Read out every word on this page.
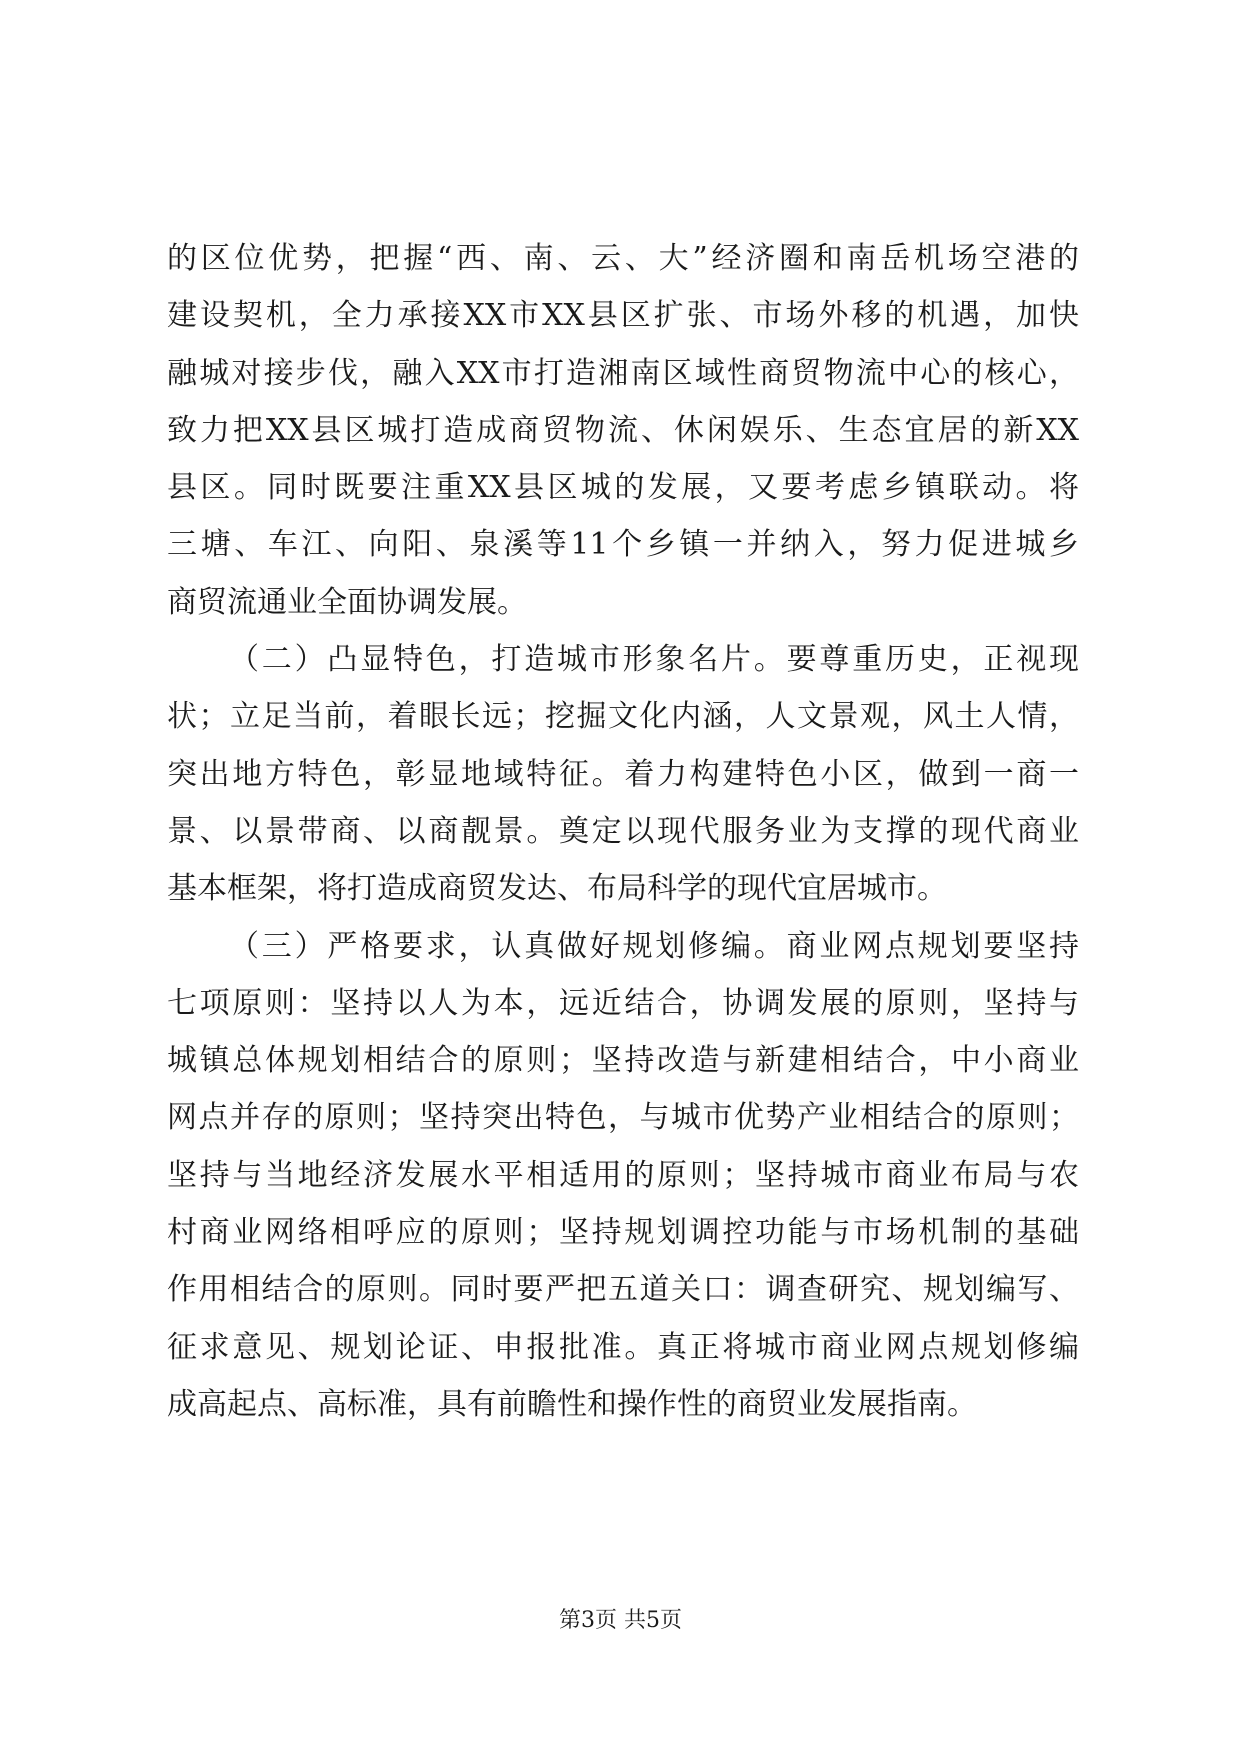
的区位优势，把握“西、南、云、大”经济圈和南岳机场空港的
建设契机，全力承接XX市XX县区扩张、市场外移的机遇，加快
融城对接步伐，融入XX市打造湘南区域性商贸物流中心的核心，
致力把XX县区城打造成商贸物流、休闲娱乐、生态宜居的新XX
县区。同时既要注重XX县区城的发展，又要考虑乡镇联动。将
三塘、车江、向阳、泉溪等11个乡镇一并纳入，努力促进城乡
商贸流通业全面协调发展。
（二）凸显特色，打造城市形象名片。要尊重历史，正视现
状；立足当前，着眼长远；挖掘文化内涵，人文景观，风土人情，
突出地方特色，彰显地域特征。着力构建特色小区，做到一商一
景、以景带商、以商靓景。奠定以现代服务业为支撑的现代商业
基本框架，将打造成商贸发达、布局科学的现代宜居城市。
（三）严格要求，认真做好规划修编。商业网点规划要坚持
七项原则：坚持以人为本，远近结合，协调发展的原则，坚持与
城镇总体规划相结合的原则；坚持改造与新建相结合，中小商业
网点并存的原则；坚持突出特色，与城市优势产业相结合的原则；
坚持与当地经济发展水平相适用的原则；坚持城市商业布局与农
村商业网络相呼应的原则；坚持规划调控功能与市场机制的基础
作用相结合的原则。同时要严把五道关口：调查研究、规划编写、
征求意见、规划论证、申报批准。真正将城市商业网点规划修编
成高起点、高标准，具有前瞻性和操作性的商贸业发展指南。
第3页 共5页
